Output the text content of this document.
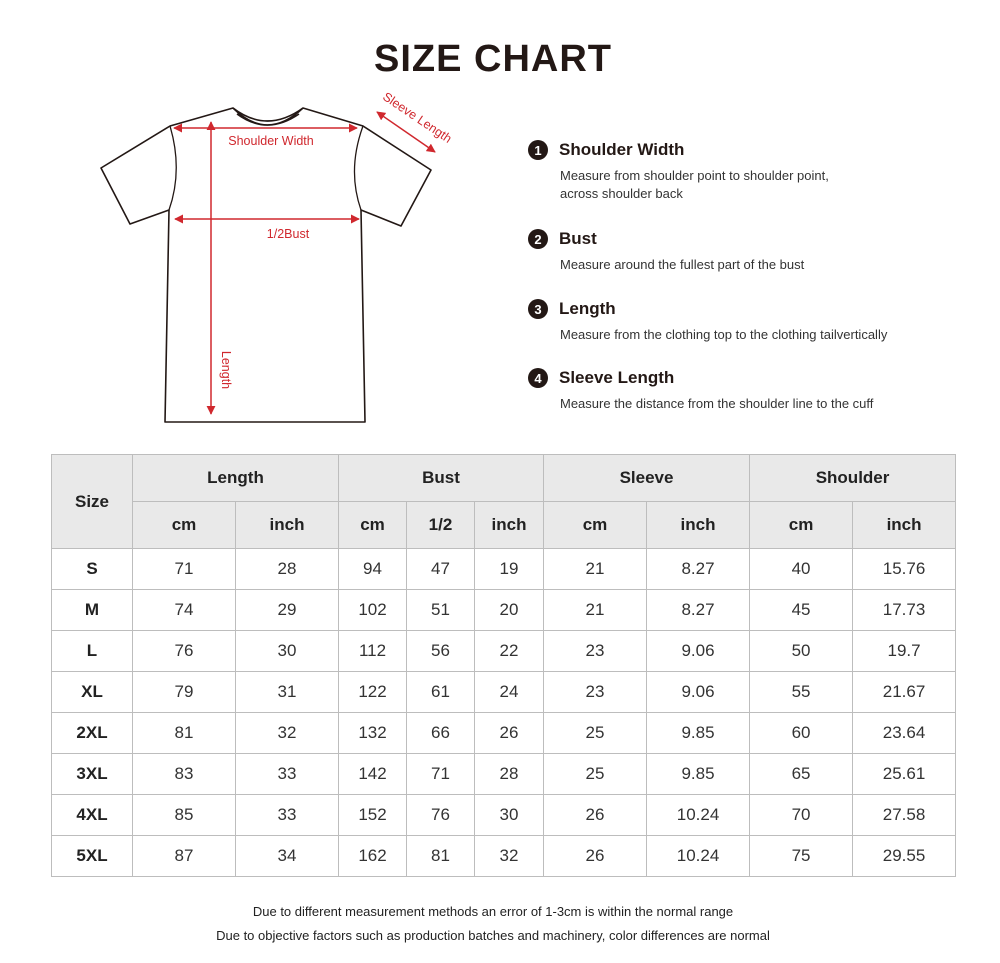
SIZE CHART
Shoulder Width
1/2Bust
Length
Sleeve Length
1	Shoulder Width
Measure from shoulder point to shoulder point,
across shoulder back
2	Bust
Measure around the fullest part of the bust
3	Length
Measure from the clothing top to the clothing tailvertically
4	Sleeve Length
Measure the distance from the shoulder line to the cuff
Size	Length		Bust			Sleeve		Shoulder	
	cm	inch	cm	1/2	inch	cm	inch	cm	inch
S	71	28	94	47	19	21	8.27	40	15.76
M	74	29	102	51	20	21	8.27	45	17.73
L	76	30	112	56	22	23	9.06	50	19.7
XL	79	31	122	61	24	23	9.06	55	21.67
2XL	81	32	132	66	26	25	9.85	60	23.64
3XL	83	33	142	71	28	25	9.85	65	25.61
4XL	85	33	152	76	30	26	10.24	70	27.58
5XL	87	34	162	81	32	26	10.24	75	29.55
Due to different measurement methods an error of 1-3cm is within the normal range
Due to objective factors such as production batches and machinery, color differences are normal
